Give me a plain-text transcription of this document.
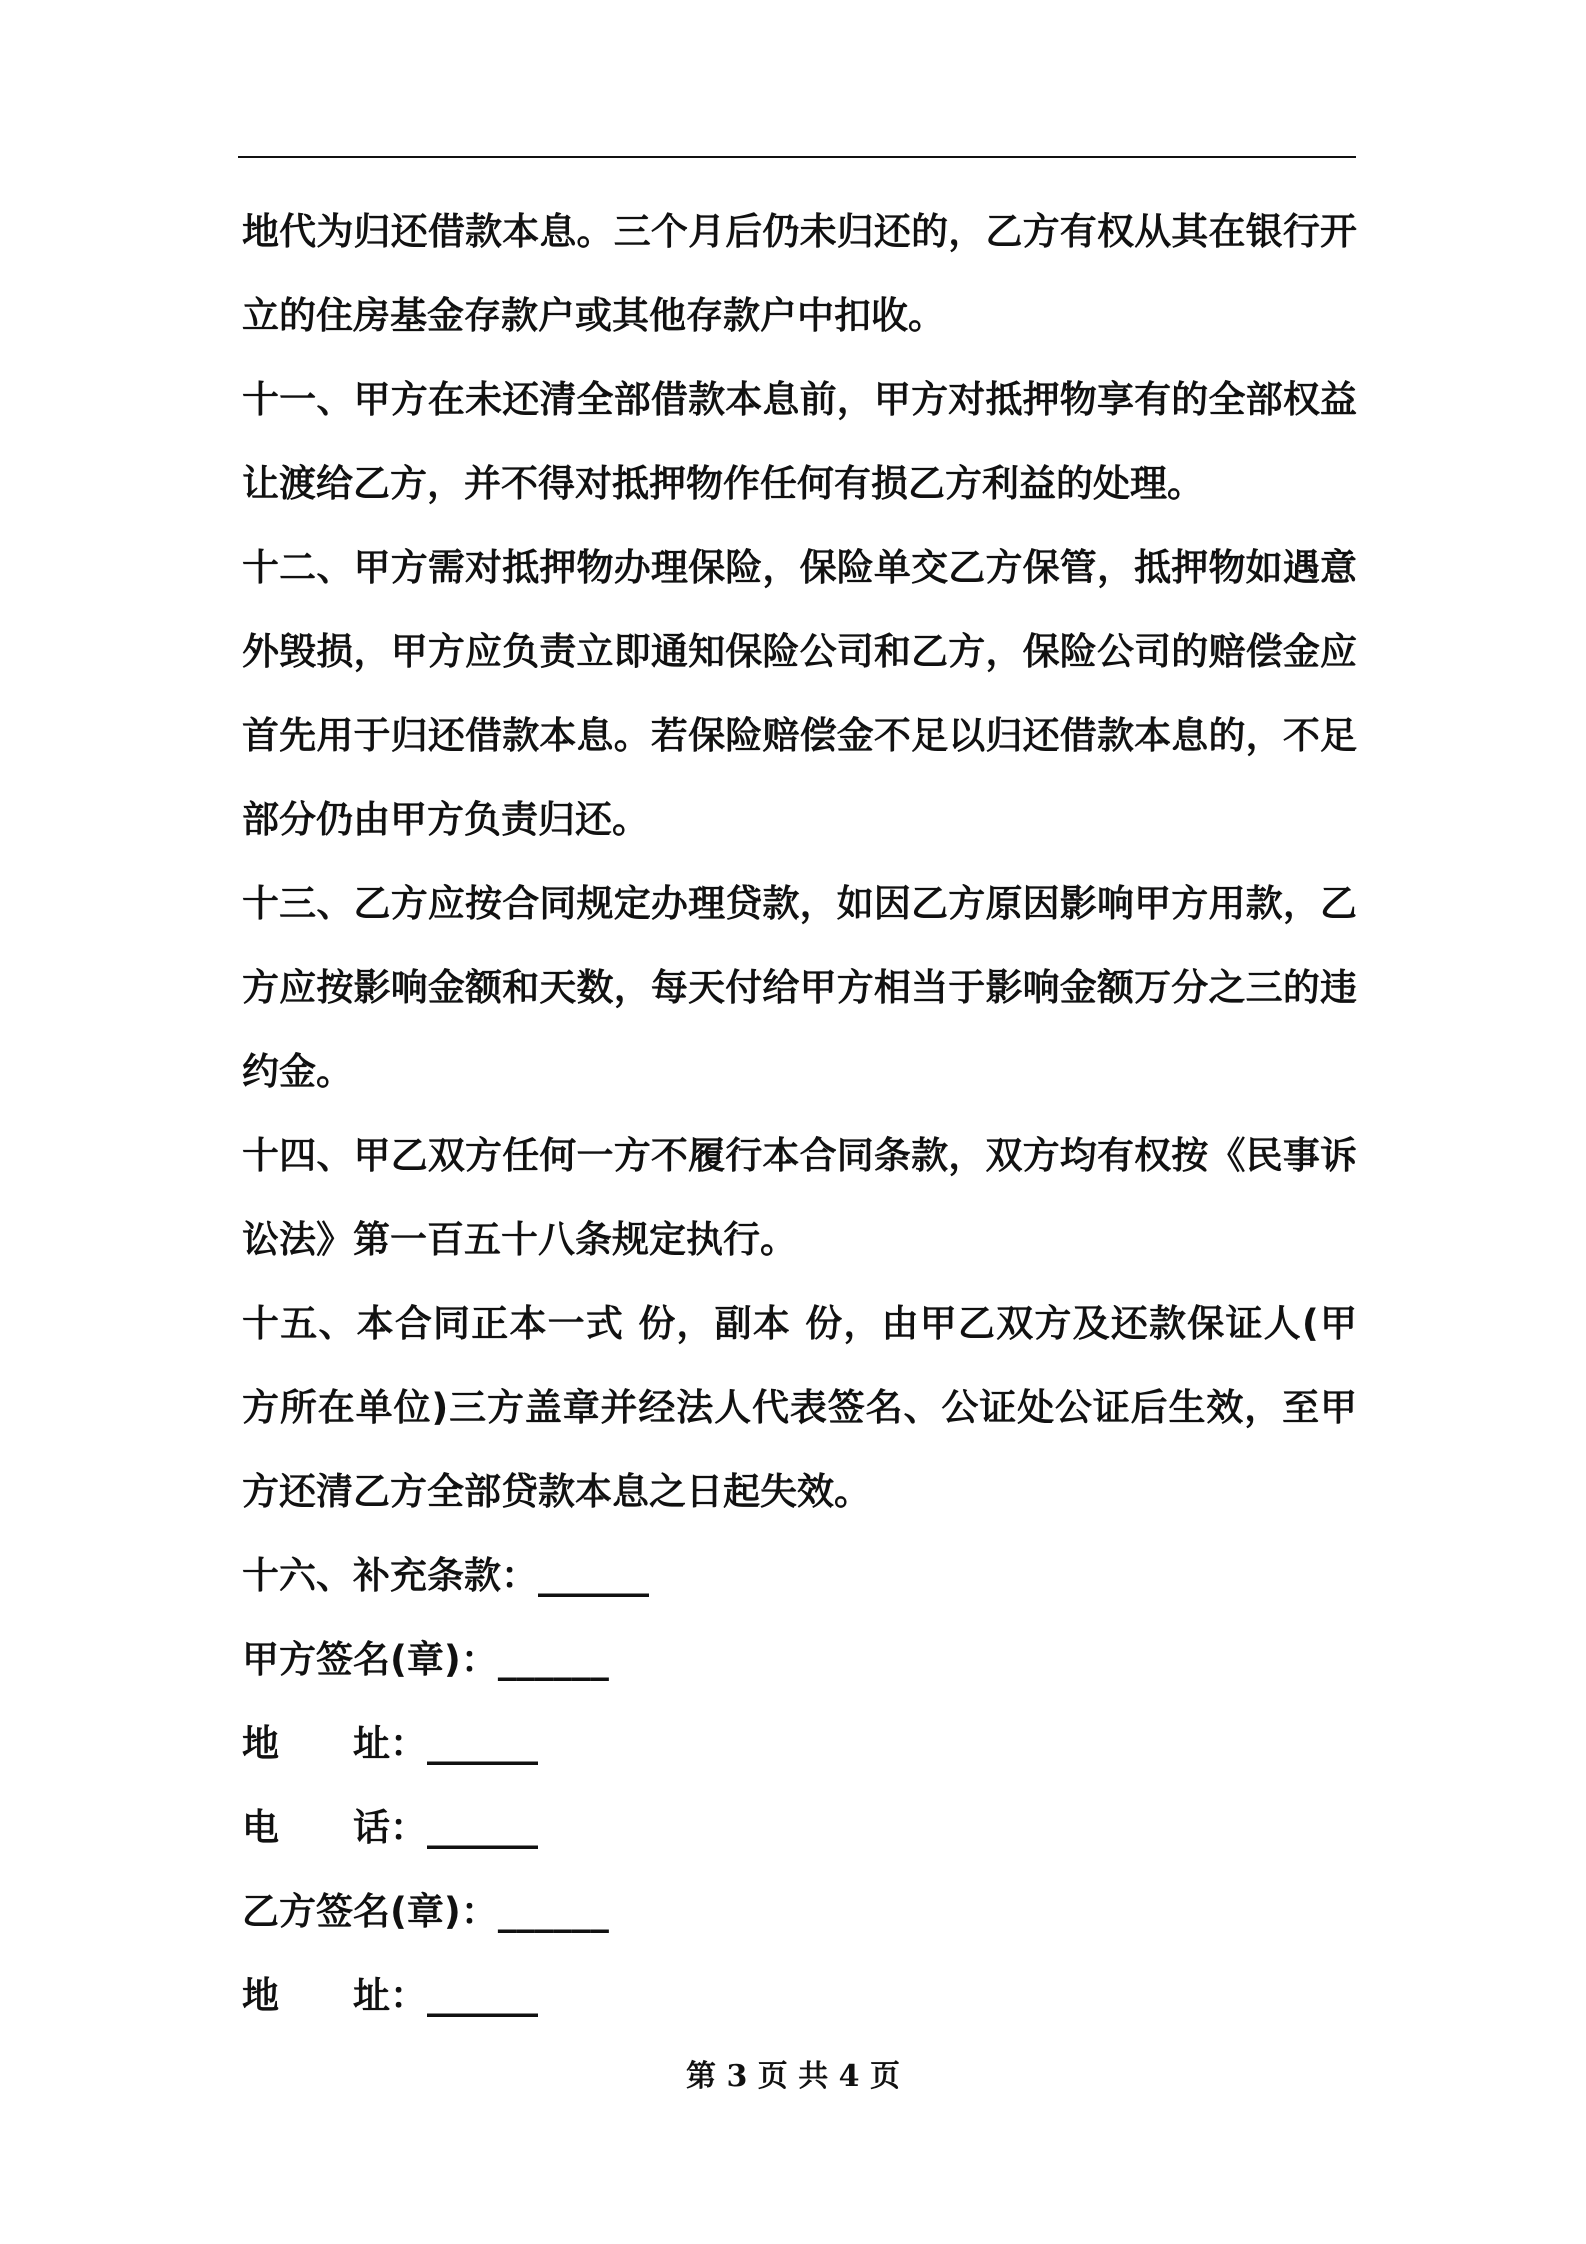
地代为归还借款本息。三个月后仍未归还的，乙方有权从其在银行开立的住房基金存款户或其他存款户中扣收。

十一、甲方在未还清全部借款本息前，甲方对抵押物享有的全部权益让渡给乙方，并不得对抵押物作任何有损乙方利益的处理。

十二、甲方需对抵押物办理保险，保险单交乙方保管，抵押物如遇意外毁损，甲方应负责立即通知保险公司和乙方，保险公司的赔偿金应首先用于归还借款本息。若保险赔偿金不足以归还借款本息的，不足部分仍由甲方负责归还。

十三、乙方应按合同规定办理贷款，如因乙方原因影响甲方用款，乙方应按影响金额和天数，每天付给甲方相当于影响金额万分之三的违约金。

十四、甲乙双方任何一方不履行本合同条款，双方均有权按《民事诉讼法》第一百五十八条规定执行。

十五、本合同正本一式 份，副本 份，由甲乙双方及还款保证人(甲方所在单位)三方盖章并经法人代表签名、公证处公证后生效，至甲方还清乙方全部贷款本息之日起失效。

十六、补充条款：______

甲方签名(章)：______

地　　址：______

电　　话：______

乙方签名(章)：______

地　　址：______

第 3 页 共 4 页
